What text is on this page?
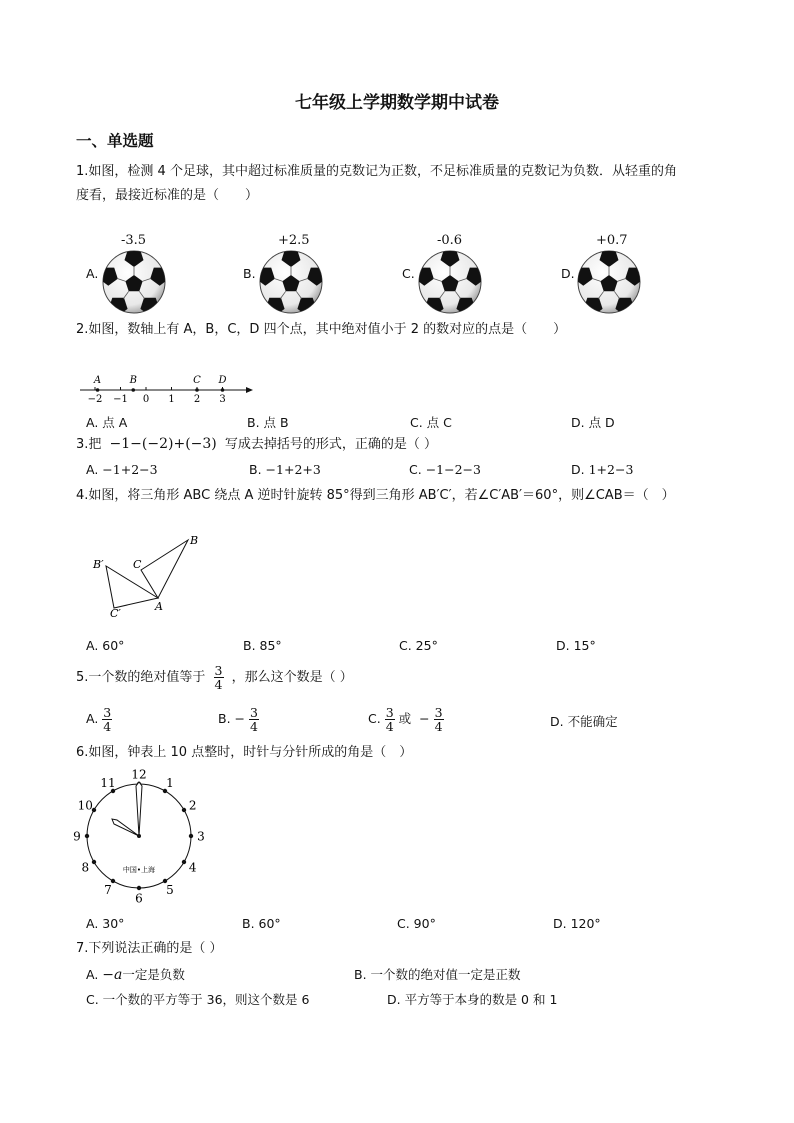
七年级上学期数学期中试卷
一、单选题
1.如图，检测 4 个足球，其中超过标准质量的克数记为正数，不足标准质量的克数记为负数．从轻重的角
度看，最接近标准的是（　　）
A.
-3.5
B.
+2.5
C.
-0.6
D.
+0.7
2.如图，数轴上有 A，B，C，D 四个点，其中绝对值小于 2 的数对应的点是（　　）
−2 −1 0 1 2 3
A	B	C D
A. 点 A	B. 点 B	C. 点 C	D. 点 D
3.把 −1−(−2)+(−3) 写成去掉括号的形式，正确的是（ ）
A. −1+2−3	B. −1+2+3	C. −1−2−3	D. 1+2−3
4.如图，将三角形 ABC 绕点 A 逆时针旋转 85°得到三角形 AB′C′，若∠C′AB′＝60°，则∠CAB＝（　）
B
B′	C
C′
A
A. 60°	B. 85°	C. 25°	D. 15°
5.一个数的绝对值等于 $\frac{3}{4}$ ，那么这个数是（ ）
A. $\frac{3}{4}$	B. − $\frac{3}{4}$	C. $\frac{3}{4}$ 或 − $\frac{3}{4}$	D. 不能确定
6.如图，钟表上 10 点整时，时针与分针所成的角是（　）
12
1
2
3
4
5
6
7
8
9
10
11
中国•上海
A. 30°	B. 60°	C. 90°	D. 120°
7.下列说法正确的是（ ）
A. −a一定是负数	B. 一个数的绝对值一定是正数
C. 一个数的平方等于 36，则这个数是 6	D. 平方等于本身的数是 0 和 1
